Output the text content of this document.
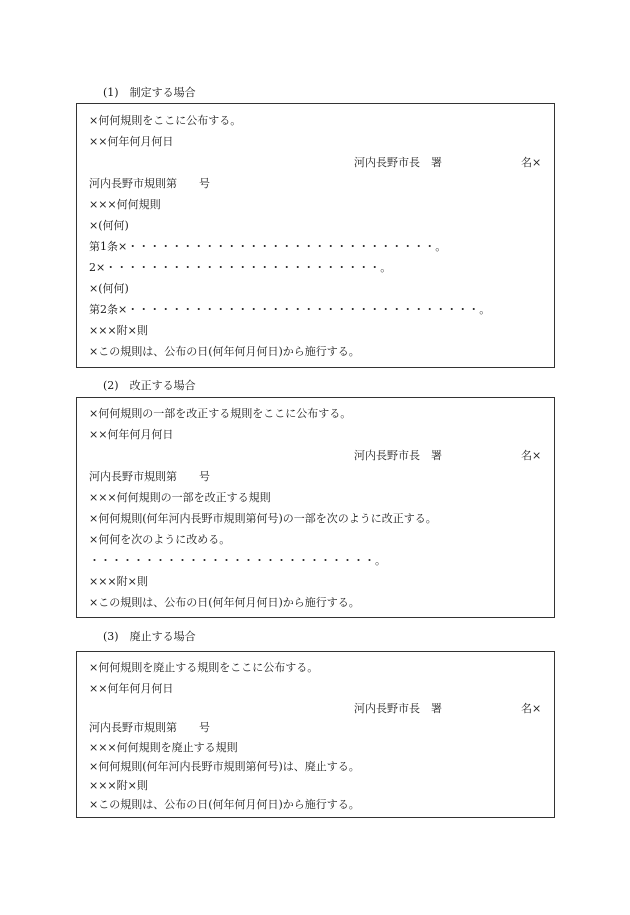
(1)　制定する場合
×何何規則をここに公布する。
××何年何月何日
河内長野市長　署	名×
河内長野市規則第　　号
×××何何規則
×(何何)
第1条×・・・・・・・・・・・・・・・・・・・・・・・・・・・・。
2×・・・・・・・・・・・・・・・・・・・・・・・・・。
×(何何)
第2条×・・・・・・・・・・・・・・・・・・・・・・・・・・・・・・・・。
×××附×則
×この規則は、公布の日(何年何月何日)から施行する。
(2)　改正する場合
×何何規則の一部を改正する規則をここに公布する。
××何年何月何日
河内長野市長　署	名×
河内長野市規則第　　号
×××何何規則の一部を改正する規則
×何何規則(何年河内長野市規則第何号)の一部を次のように改正する。
×何何を次のように改める。
・・・・・・・・・・・・・・・・・・・・・・・・・・。
×××附×則
×この規則は、公布の日(何年何月何日)から施行する。
(3)　廃止する場合
×何何規則を廃止する規則をここに公布する。
××何年何月何日
河内長野市長　署	名×
河内長野市規則第　　号
×××何何規則を廃止する規則
×何何規則(何年河内長野市規則第何号)は、廃止する。
×××附×則
×この規則は、公布の日(何年何月何日)から施行する。
